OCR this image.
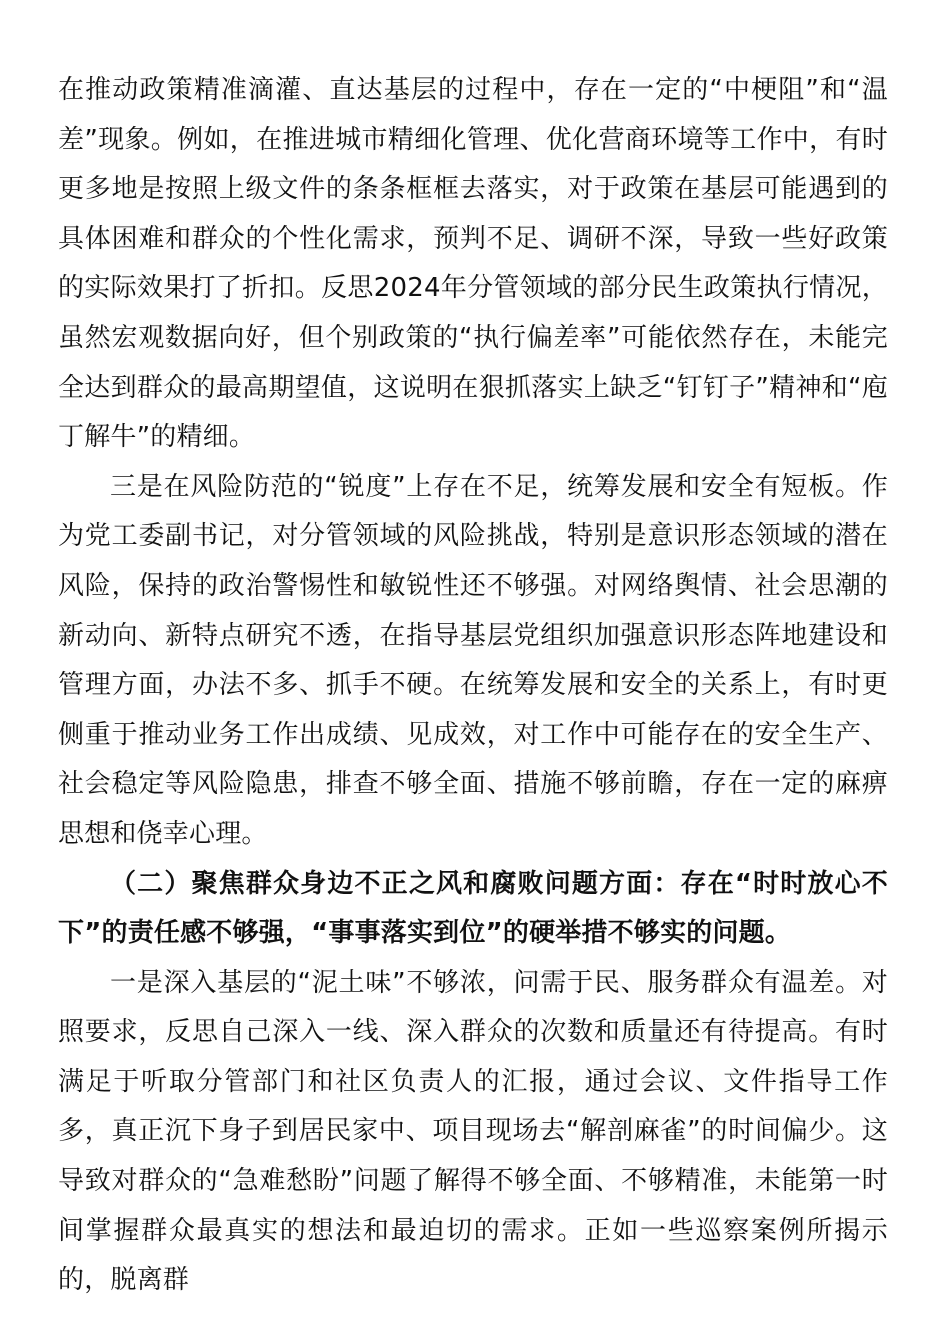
在推动政策精准滴灌、直达基层的过程中，存在一定的“中梗阻”和“温差”现象。例如，在推进城市精细化管理、优化营商环境等工作中，有时更多地是按照上级文件的条条框框去落实，对于政策在基层可能遇到的具体困难和群众的个性化需求，预判不足、调研不深，导致一些好政策的实际效果打了折扣。反思2024年分管领域的部分民生政策执行情况，虽然宏观数据向好，但个别政策的“执行偏差率”可能依然存在，未能完全达到群众的最高期望值，这说明在狠抓落实上缺乏“钉钉子”精神和“庖丁解牛”的精细。

三是在风险防范的“锐度”上存在不足，统筹发展和安全有短板。作为党工委副书记，对分管领域的风险挑战，特别是意识形态领域的潜在风险，保持的政治警惕性和敏锐性还不够强。对网络舆情、社会思潮的新动向、新特点研究不透，在指导基层党组织加强意识形态阵地建设和管理方面，办法不多、抓手不硬。在统筹发展和安全的关系上，有时更侧重于推动业务工作出成绩、见成效，对工作中可能存在的安全生产、社会稳定等风险隐患，排查不够全面、措施不够前瞻，存在一定的麻痹思想和侥幸心理。

（二）聚焦群众身边不正之风和腐败问题方面：存在“时时放心不下”的责任感不够强，“事事落实到位”的硬举措不够实的问题。

一是深入基层的“泥土味”不够浓，问需于民、服务群众有温差。对照要求，反思自己深入一线、深入群众的次数和质量还有待提高。有时满足于听取分管部门和社区负责人的汇报，通过会议、文件指导工作多，真正沉下身子到居民家中、项目现场去“解剖麻雀”的时间偏少。这导致对群众的“急难愁盼”问题了解得不够全面、不够精准，未能第一时间掌握群众最真实的想法和最迫切的需求。正如一些巡察案例所揭示的，脱离群
